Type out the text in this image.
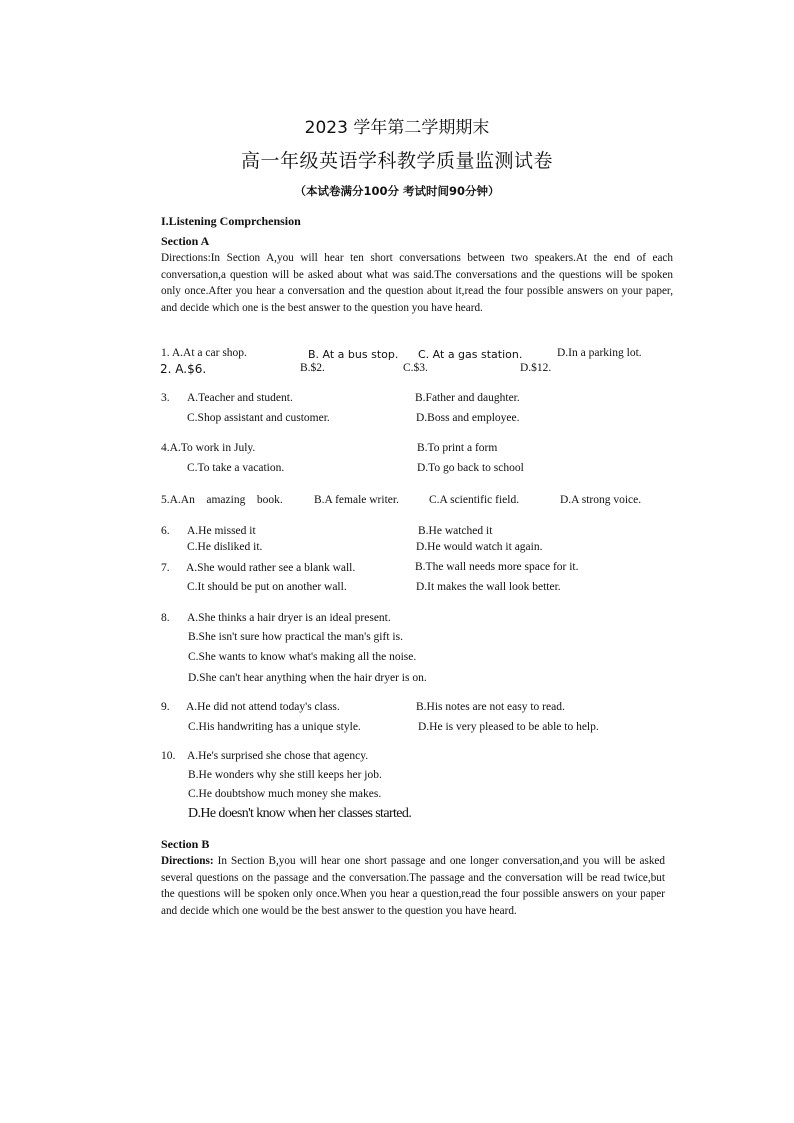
2023 学年第二学期期末
高一年级英语学科教学质量监测试卷
（本试卷满分100分 考试时间90分钟）
I.Listening Comprchension
Section A
Directions:In Section A,you will hear ten short conversations between two speakers.At the end of each conversation,a question will be asked about what was said.The conversations and the questions will be spoken only once.After you hear a conversation and the question about it,read the four possible answers on your paper, and decide which one is the best answer to the question you have heard.
1. A.At a car shop.	B. At a bus stop. C. At a gas station.	D.In a parking lot.
2. A.$6.	B.$2.	C.$3.	D.$12.
3. A.Teacher and student.	B.Father and daughter.
C.Shop assistant and customer.	D.Boss and employee.
4.A.To work in July.	B.To print a form
C.To take a vacation.	D.To go back to school
5.A.An    amazing    book.	B.A female writer.	C.A scientific field.	D.A strong voice.
6. A.He missed it	B.He watched it
C.He disliked it.	D.He would watch it again.
7. A.She would rather see a blank wall.	B.The wall needs more space for it.
C.It should be put on another wall.	D.It makes the wall look better.
8. A.She thinks a hair dryer is an ideal present.
B.She isn't sure how practical the man's gift is.
C.She wants to know what's making all the noise.
D.She can't hear anything when the hair dryer is on.
9. A.He did not attend today's class.	B.His notes are not easy to read.
C.His handwriting has a unique style.	D.He is very pleased to be able to help.
10. A.He's surprised she chose that agency.
B.He wonders why she still keeps her job.
C.He doubtshow much money she makes.
D.He doesn't know when her classes started.
Section B
Directions: In Section B,you will hear one short passage and one longer conversation,and you will be asked several questions on the passage and the conversation.The passage and the conversation will be read twice,but the questions will be spoken only once.When you hear a question,read the four possible answers on your paper and decide which one would be the best answer to the question you have heard.
